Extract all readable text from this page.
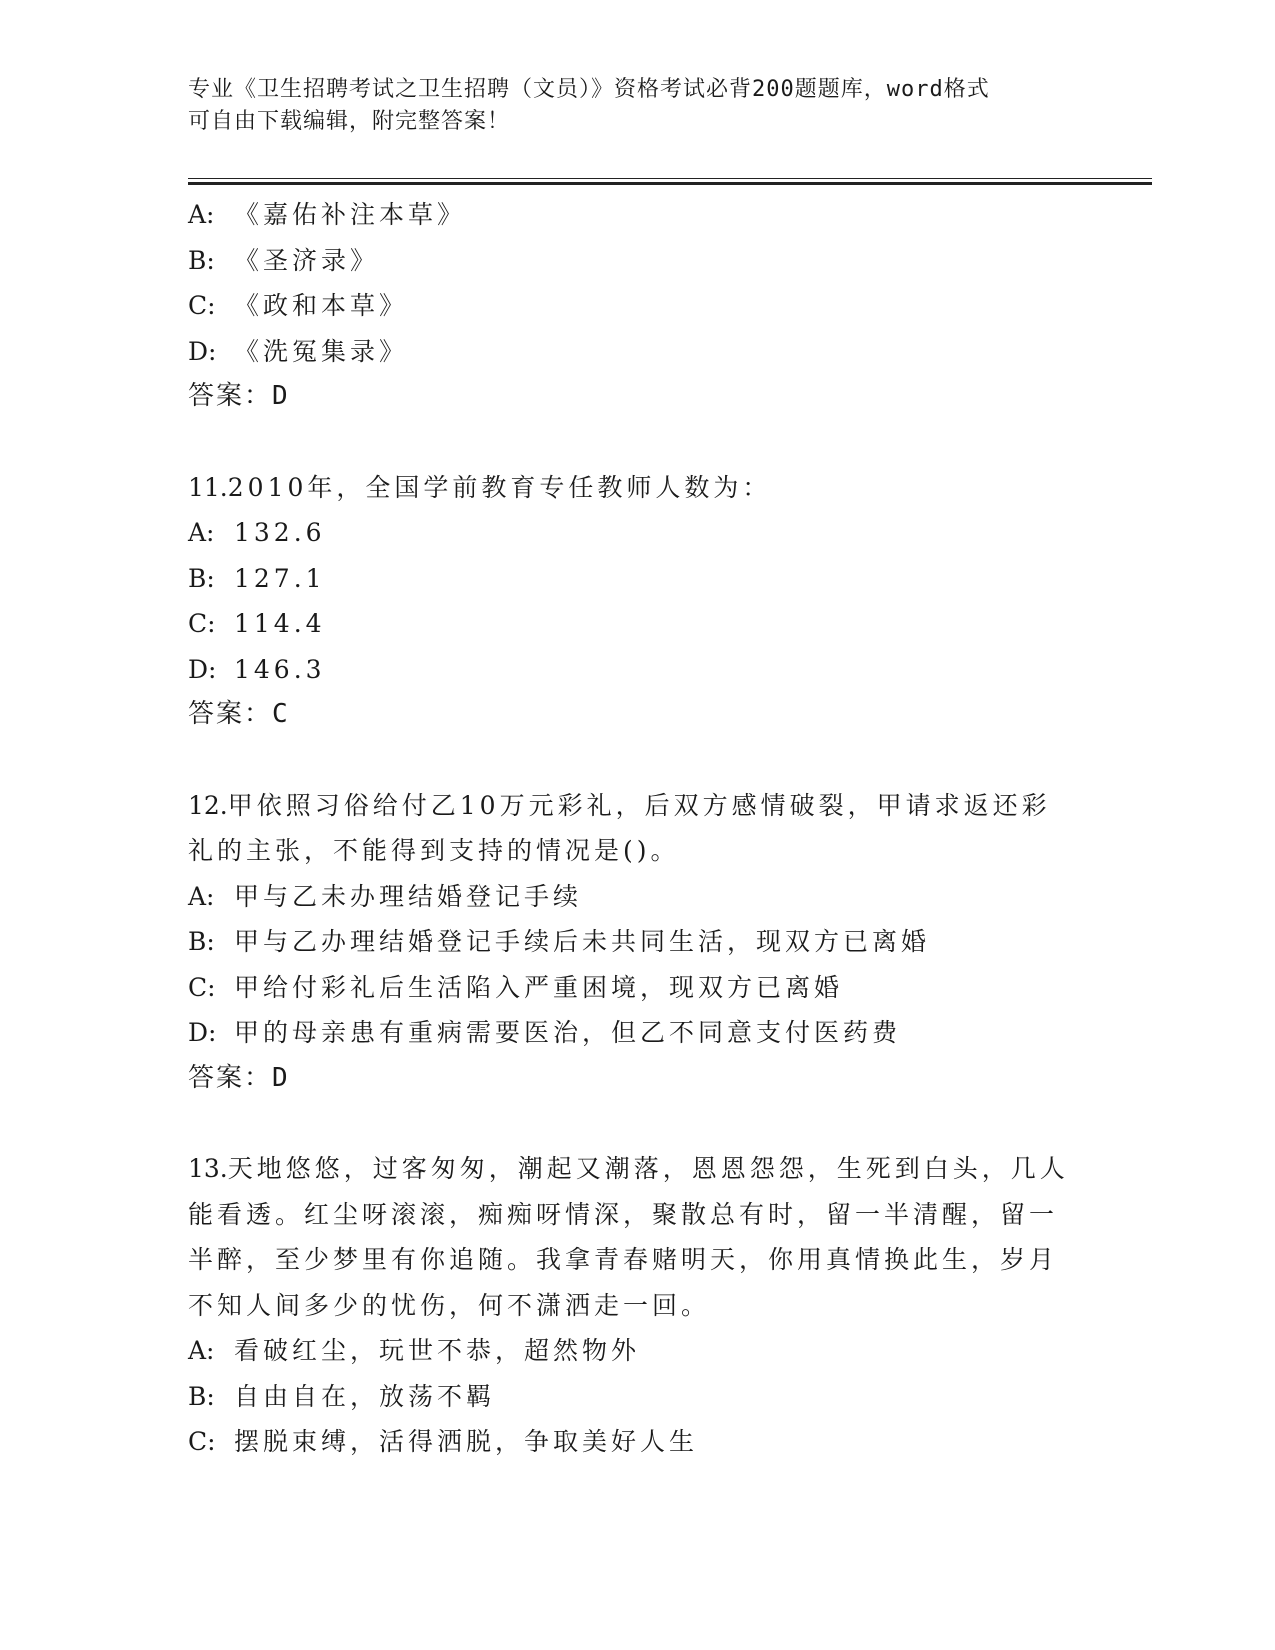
专业《卫生招聘考试之卫生招聘（文员）》资格考试必背200题题库，word格式
可自由下载编辑，附完整答案！
A: 《嘉佑补注本草》
B: 《圣济录》
C: 《政和本草》
D: 《洗冤集录》
答案：D
11.2010年，全国学前教育专任教师人数为：
A: 132.6
B: 127.1
C: 114.4
D: 146.3
答案：C
12.甲依照习俗给付乙10万元彩礼，后双方感情破裂，甲请求返还彩
礼的主张，不能得到支持的情况是()。
A: 甲与乙未办理结婚登记手续
B: 甲与乙办理结婚登记手续后未共同生活，现双方已离婚
C: 甲给付彩礼后生活陷入严重困境，现双方已离婚
D: 甲的母亲患有重病需要医治，但乙不同意支付医药费
答案：D
13.天地悠悠，过客匆匆，潮起又潮落，恩恩怨怨，生死到白头，几人
能看透。红尘呀滚滚，痴痴呀情深，聚散总有时，留一半清醒，留一
半醉，至少梦里有你追随。我拿青春赌明天，你用真情换此生，岁月
不知人间多少的忧伤，何不潇洒走一回。
A: 看破红尘，玩世不恭，超然物外
B: 自由自在，放荡不羁
C: 摆脱束缚，活得洒脱，争取美好人生
